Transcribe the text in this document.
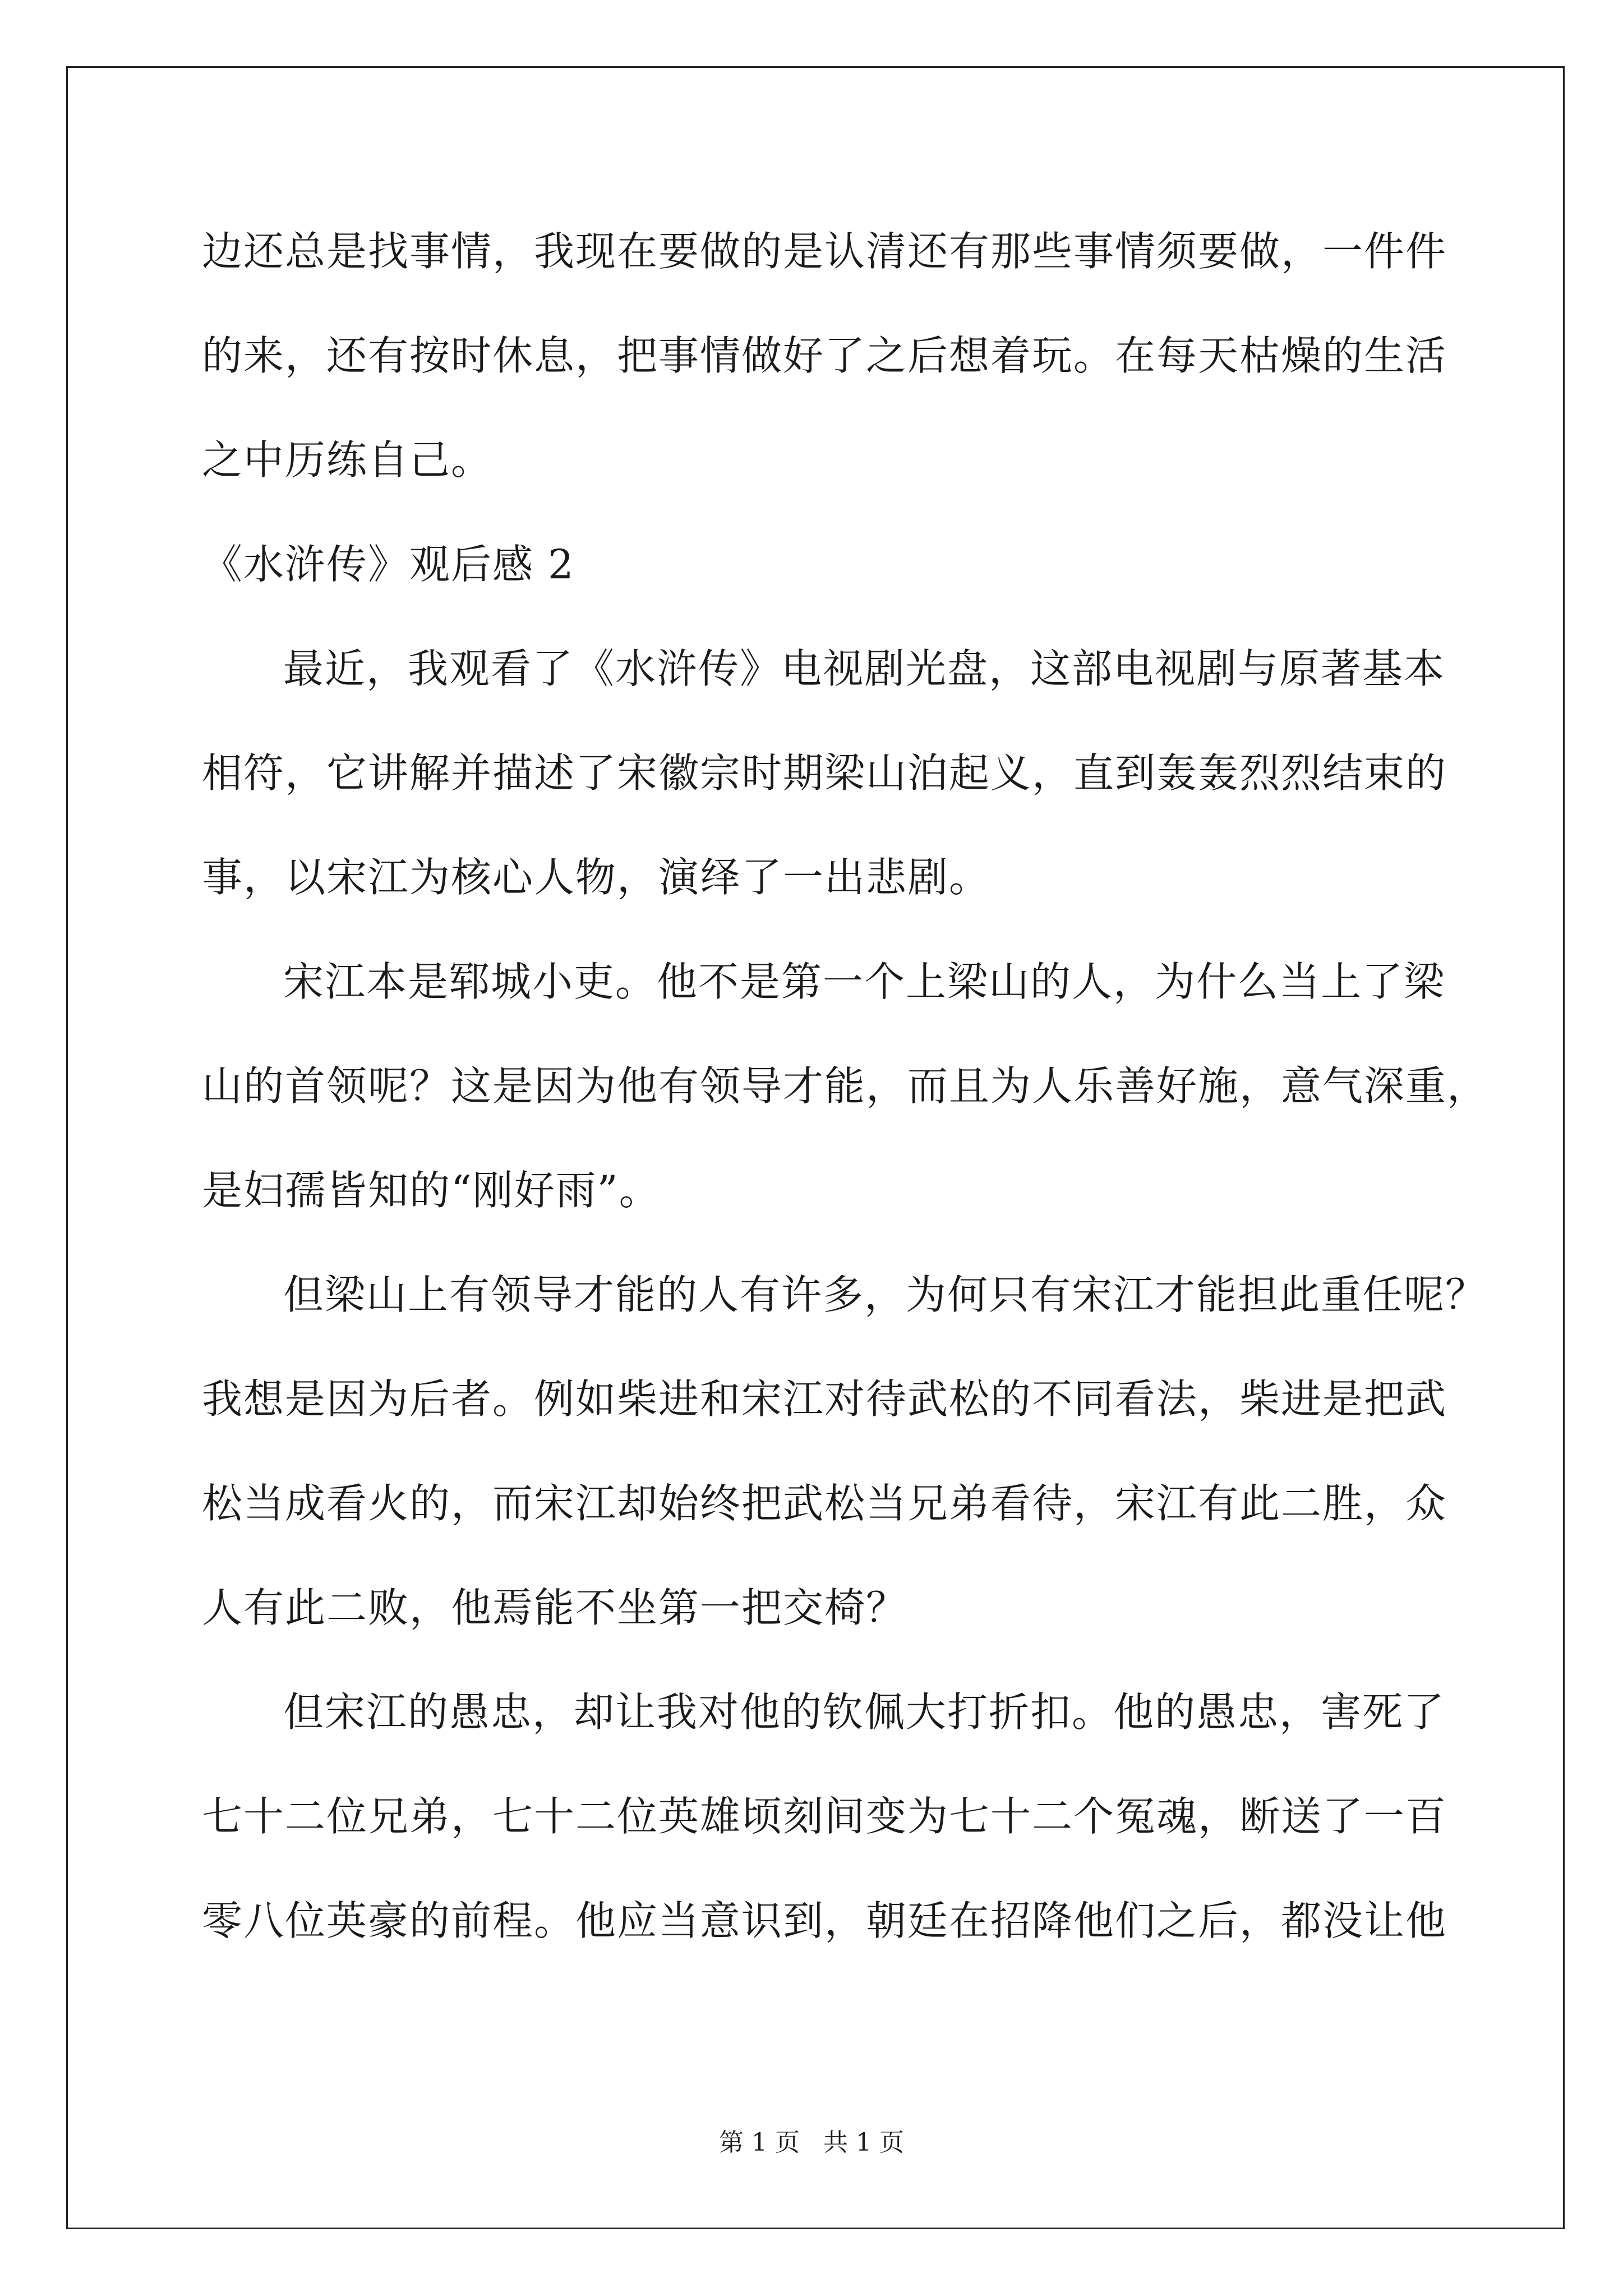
边还总是找事情，我现在要做的是认清还有那些事情须要做，一件件
的来，还有按时休息，把事情做好了之后想着玩。在每天枯燥的生活
之中历练自己。
《水浒传》观后感 2
最近，我观看了《水浒传》电视剧光盘，这部电视剧与原著基本
相符，它讲解并描述了宋徽宗时期梁山泊起义，直到轰轰烈烈结束的
事，以宋江为核心人物，演绎了一出悲剧。
宋江本是郓城小吏。他不是第一个上梁山的人，为什么当上了梁
山的首领呢？这是因为他有领导才能，而且为人乐善好施，意气深重，
是妇孺皆知的“刚好雨”。
但梁山上有领导才能的人有许多，为何只有宋江才能担此重任呢？
我想是因为后者。例如柴进和宋江对待武松的不同看法，柴进是把武
松当成看火的，而宋江却始终把武松当兄弟看待，宋江有此二胜，众
人有此二败，他焉能不坐第一把交椅？
但宋江的愚忠，却让我对他的钦佩大打折扣。他的愚忠，害死了
七十二位兄弟，七十二位英雄顷刻间变为七十二个冤魂，断送了一百
零八位英豪的前程。他应当意识到，朝廷在招降他们之后，都没让他
第 1 页   共 1 页
